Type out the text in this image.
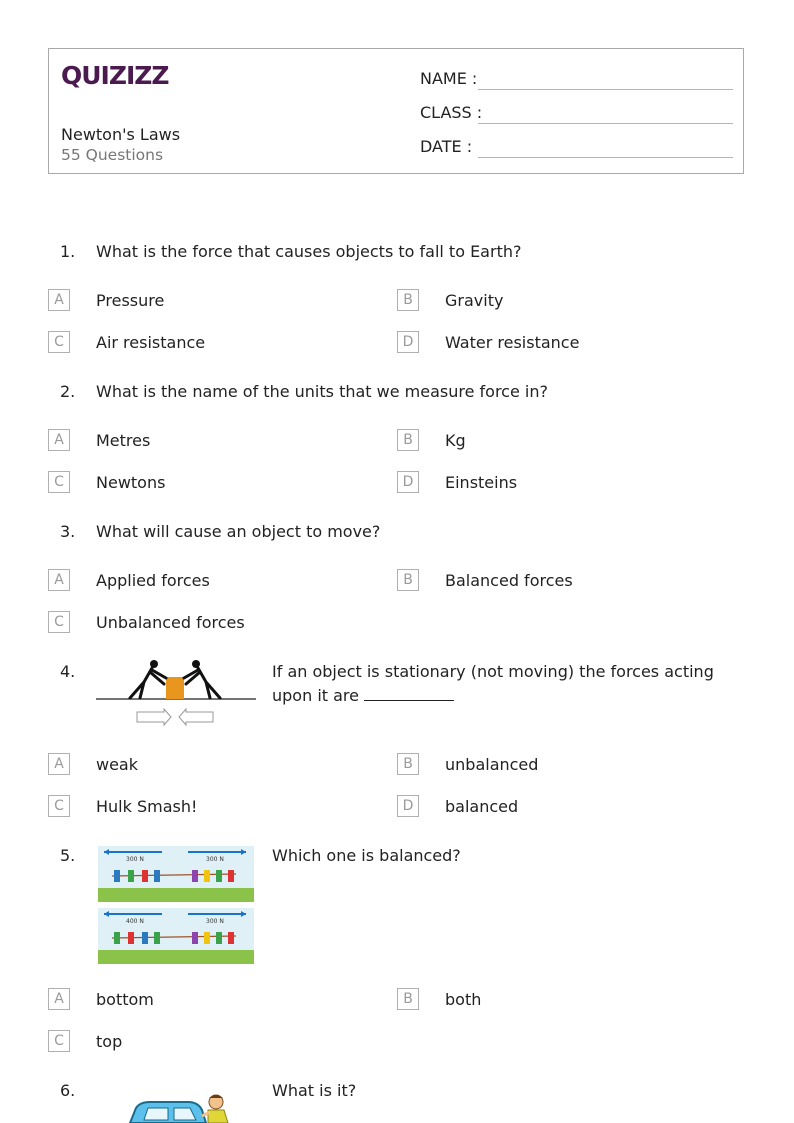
QUIZIZZ
Newton's Laws
55 Questions
NAME :
CLASS :
DATE :
1. What is the force that causes objects to fall to Earth?
A	Pressure	B	Gravity
C	Air resistance	D	Water resistance
2. What is the name of the units that we measure force in?
A	Metres	B	Kg
C	Newtons	D	Einsteins
3. What will cause an object to move?
A	Applied forces	B	Balanced forces
C	Unbalanced forces
4.	If an object is stationary (not moving) the forces acting upon it are
A	weak	B	unbalanced
C	Hulk Smash!	D	balanced
5.	300 N	300 N
400 N	300 N
Which one is balanced?
A	bottom	B	both
C	top
6.	What is it?
